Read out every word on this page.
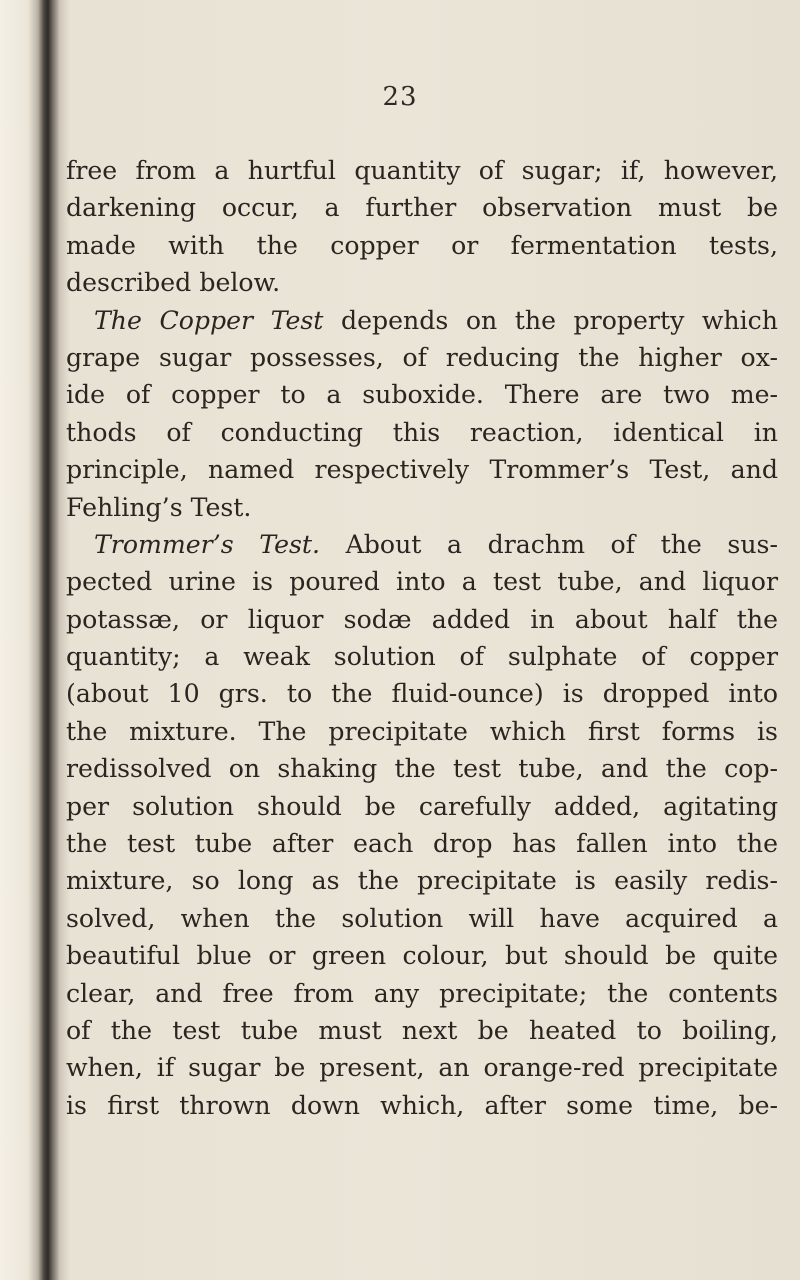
23
free from a hurtful quantity of sugar; if, however,
darkening occur, a further observation must be
made with the copper or fermentation tests,
described below.
The Copper Test depends on the property which
grape sugar possesses, of reducing the higher ox-
ide of copper to a suboxide. There are two me-
thods of conducting this reaction, identical in
principle, named respectively Trommer’s Test, and
Fehling’s Test.
Trommer’s Test. About a drachm of the sus-
pected urine is poured into a test tube, and liquor
potassæ, or liquor sodæ added in about half the
quantity; a weak solution of sulphate of copper
(about 10 grs. to the fluid-ounce) is dropped into
the mixture. The precipitate which first forms is
redissolved on shaking the test tube, and the cop-
per solution should be carefully added, agitating
the test tube after each drop has fallen into the
mixture, so long as the precipitate is easily redis-
solved, when the solution will have acquired a
beautiful blue or green colour, but should be quite
clear, and free from any precipitate; the contents
of the test tube must next be heated to boiling,
when, if sugar be present, an orange-red precipitate
is first thrown down which, after some time, be-
